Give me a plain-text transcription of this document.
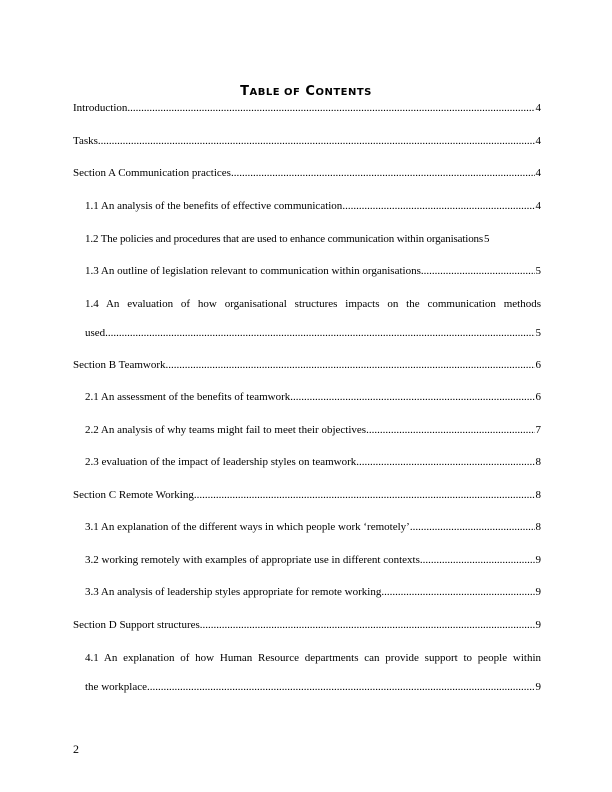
TABLE OF CONTENTS
Introduction .....	4
Tasks .....	4
Section A Communication practices .....	4
1.1 An analysis of the benefits of effective communication .....	4
1.2 The policies and procedures that are used to enhance communication within organisations 5
1.3 An outline of legislation relevant to communication within organisations .....	5
1.4 An evaluation of how organisational structures impacts on the communication methods
used .....	5
Section B Teamwork .....	6
2.1 An assessment of the benefits of teamwork .....	6
2.2 An analysis of why teams might fail to meet their objectives .....	7
2.3 evaluation of the impact of leadership styles on teamwork .....	8
Section C Remote Working .....	8
3.1 An explanation of the different ways in which people work ‘remotely’ .....	8
3.2 working remotely with examples of appropriate use in different contexts .....	9
3.3 An analysis of leadership styles appropriate for remote working .....	9
Section D Support structures .....	9
4.1 An explanation of how Human Resource departments can provide support to people within
the workplace .....	9
2
